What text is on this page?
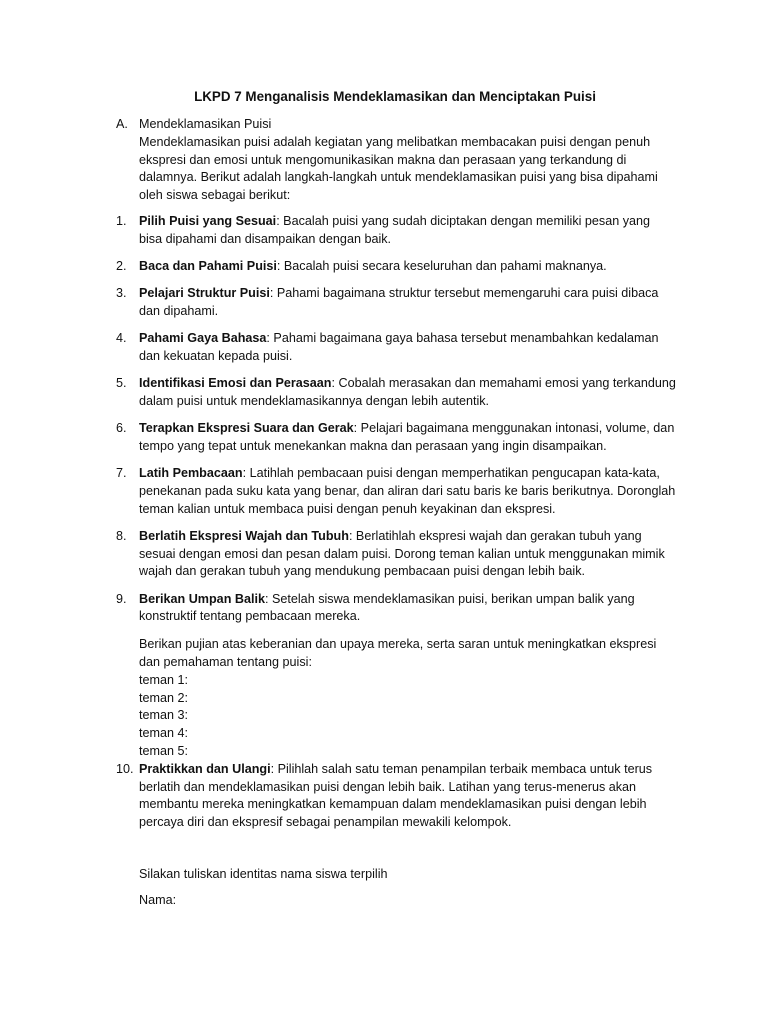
LKPD 7 Menganalisis Mendeklamasikan dan Menciptakan Puisi
A. Mendeklamasikan Puisi
Mendeklamasikan puisi adalah kegiatan yang melibatkan membacakan puisi dengan penuh ekspresi dan emosi untuk mengomunikasikan makna dan perasaan yang terkandung di dalamnya. Berikut adalah langkah-langkah untuk mendeklamasikan puisi yang bisa dipahami oleh siswa sebagai berikut:
1. Pilih Puisi yang Sesuai: Bacalah puisi yang sudah diciptakan dengan memiliki pesan yang bisa dipahami dan disampaikan dengan baik.
2. Baca dan Pahami Puisi: Bacalah puisi secara keseluruhan dan pahami maknanya.
3. Pelajari Struktur Puisi: Pahami bagaimana struktur tersebut memengaruhi cara puisi dibaca dan dipahami.
4. Pahami Gaya Bahasa: Pahami bagaimana gaya bahasa tersebut menambahkan kedalaman dan kekuatan kepada puisi.
5. Identifikasi Emosi dan Perasaan: Cobalah merasakan dan memahami emosi yang terkandung dalam puisi untuk mendeklamasikannya dengan lebih autentik.
6. Terapkan Ekspresi Suara dan Gerak: Pelajari bagaimana menggunakan intonasi, volume, dan tempo yang tepat untuk menekankan makna dan perasaan yang ingin disampaikan.
7. Latih Pembacaan: Latihlah pembacaan puisi dengan memperhatikan pengucapan kata-kata, penekanan pada suku kata yang benar, dan aliran dari satu baris ke baris berikutnya. Doronglah teman kalian untuk membaca puisi dengan penuh keyakinan dan ekspresi.
8. Berlatih Ekspresi Wajah dan Tubuh: Berlatihlah ekspresi wajah dan gerakan tubuh yang sesuai dengan emosi dan pesan dalam puisi. Dorong teman kalian untuk menggunakan mimik wajah dan gerakan tubuh yang mendukung pembacaan puisi dengan lebih baik.
9. Berikan Umpan Balik: Setelah siswa mendeklamasikan puisi, berikan umpan balik yang konstruktif tentang pembacaan mereka.
Berikan pujian atas keberanian dan upaya mereka, serta saran untuk meningkatkan ekspresi dan pemahaman tentang puisi:
teman 1:
teman 2:
teman 3:
teman 4:
teman 5:
10. Praktikkan dan Ulangi: Pilihlah salah satu teman penampilan terbaik membaca untuk terus berlatih dan mendeklamasikan puisi dengan lebih baik. Latihan yang terus-menerus akan membantu mereka meningkatkan kemampuan dalam mendeklamasikan puisi dengan lebih percaya diri dan ekspresif sebagai penampilan mewakili kelompok.
Silakan tuliskan identitas nama siswa terpilih
Nama:
